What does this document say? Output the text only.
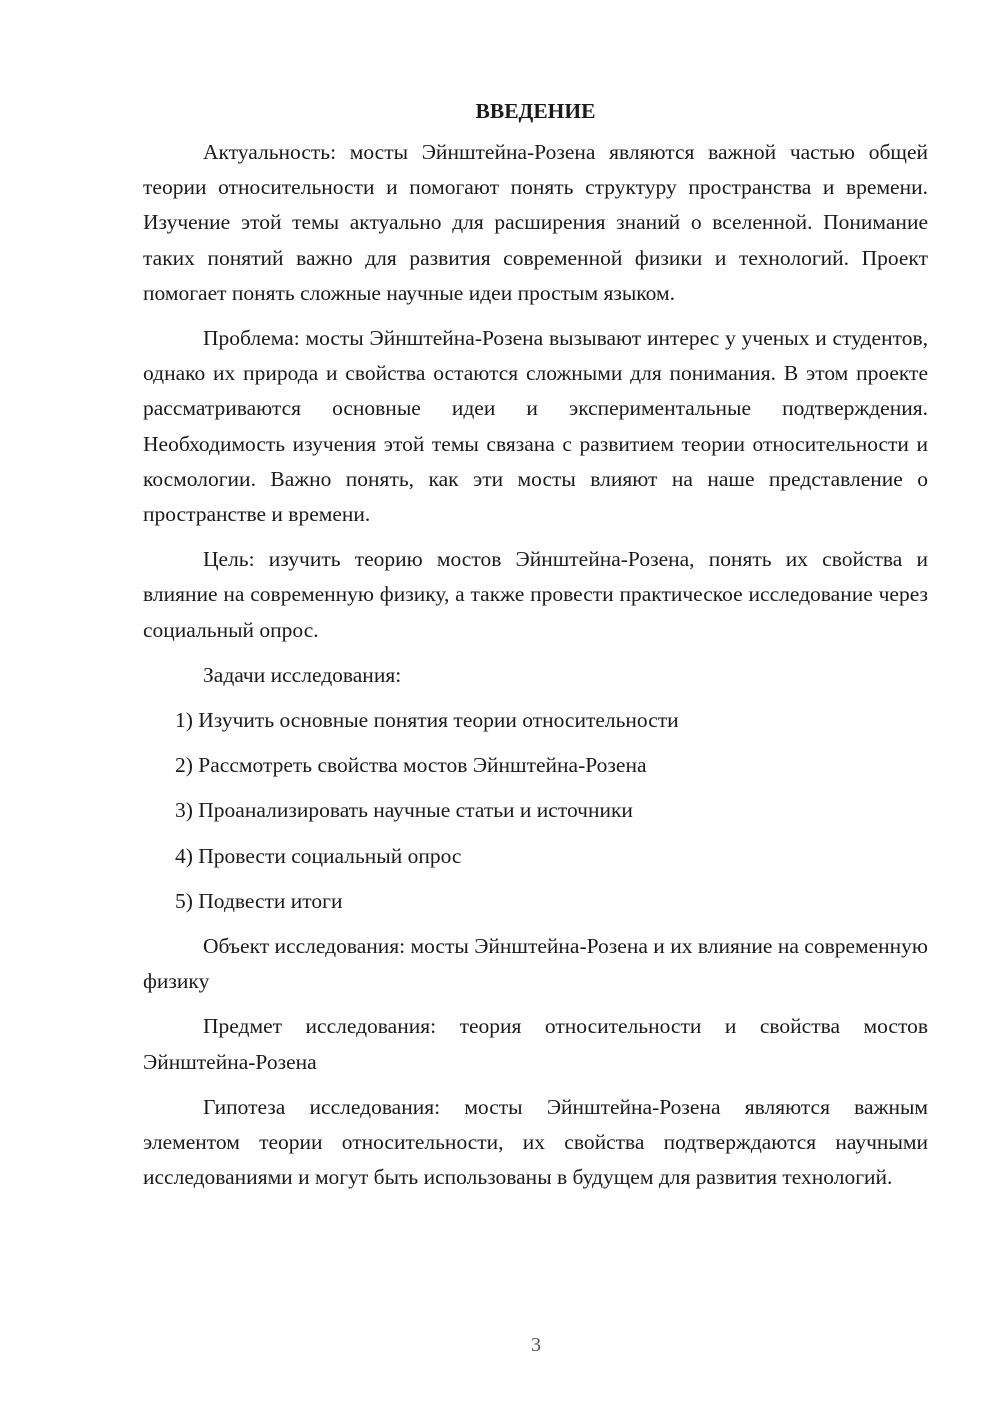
ВВЕДЕНИЕ

Актуальность: мосты Эйнштейна-Розена являются важной частью общей теории относительности и помогают понять структуру пространства и времени. Изучение этой темы актуально для расширения знаний о вселенной. Понимание таких понятий важно для развития современной физики и технологий. Проект помогает понять сложные научные идеи простым языком.

Проблема: мосты Эйнштейна-Розена вызывают интерес у ученых и студентов, однако их природа и свойства остаются сложными для понимания. В этом проекте рассматриваются основные идеи и экспериментальные подтверждения. Необходимость изучения этой темы связана с развитием теории относительности и космологии. Важно понять, как эти мосты влияют на наше представление о пространстве и времени.

Цель: изучить теорию мостов Эйнштейна-Розена, понять их свойства и влияние на современную физику, а также провести практическое исследование через социальный опрос.

Задачи исследования:
1) Изучить основные понятия теории относительности
2) Рассмотреть свойства мостов Эйнштейна-Розена
3) Проанализировать научные статьи и источники
4) Провести социальный опрос
5) Подвести итоги

Объект исследования: мосты Эйнштейна-Розена и их влияние на современную физику

Предмет исследования: теория относительности и свойства мостов Эйнштейна-Розена

Гипотеза исследования: мосты Эйнштейна-Розена являются важным элементом теории относительности, их свойства подтверждаются научными исследованиями и могут быть использованы в будущем для развития технологий.

3
